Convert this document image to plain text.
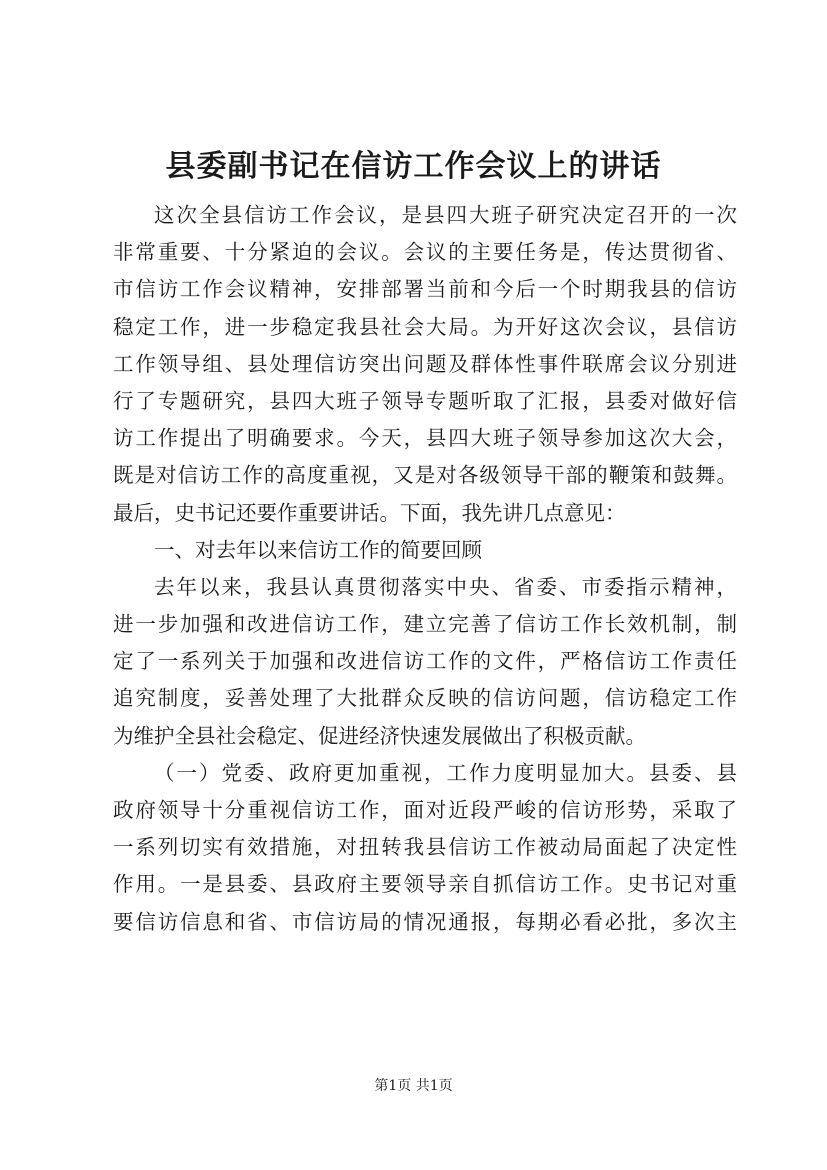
县委副书记在信访工作会议上的讲话
这次全县信访工作会议，是县四大班子研究决定召开的一次
非常重要、十分紧迫的会议。会议的主要任务是，传达贯彻省、
市信访工作会议精神，安排部署当前和今后一个时期我县的信访
稳定工作，进一步稳定我县社会大局。为开好这次会议，县信访
工作领导组、县处理信访突出问题及群体性事件联席会议分别进
行了专题研究，县四大班子领导专题听取了汇报，县委对做好信
访工作提出了明确要求。今天，县四大班子领导参加这次大会，
既是对信访工作的高度重视，又是对各级领导干部的鞭策和鼓舞。
最后，史书记还要作重要讲话。下面，我先讲几点意见：
一、对去年以来信访工作的简要回顾
去年以来，我县认真贯彻落实中央、省委、市委指示精神，
进一步加强和改进信访工作，建立完善了信访工作长效机制，制
定了一系列关于加强和改进信访工作的文件，严格信访工作责任
追究制度，妥善处理了大批群众反映的信访问题，信访稳定工作
为维护全县社会稳定、促进经济快速发展做出了积极贡献。
（一）党委、政府更加重视，工作力度明显加大。县委、县
政府领导十分重视信访工作，面对近段严峻的信访形势，采取了
一系列切实有效措施，对扭转我县信访工作被动局面起了决定性
作用。一是县委、县政府主要领导亲自抓信访工作。史书记对重
要信访信息和省、市信访局的情况通报，每期必看必批，多次主
第1页 共1页
